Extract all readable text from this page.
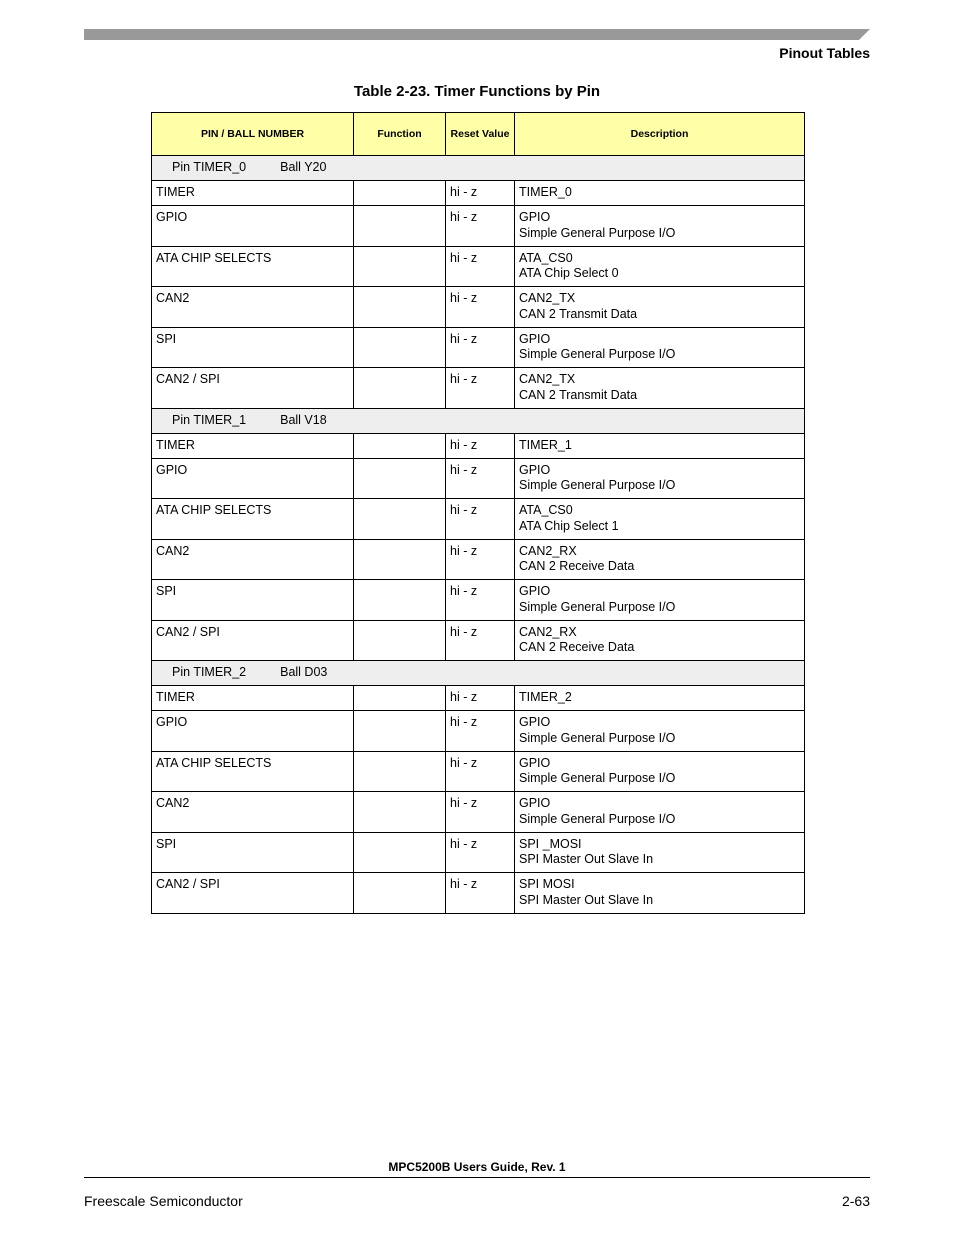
Pinout Tables
Table 2-23. Timer Functions by Pin
PIN / BALL NUMBER	Function	Reset Value	Description
Pin TIMER_0 Ball Y20			
TIMER		hi - z	TIMER_0

GPIO		hi - z	GPIO
Simple General Purpose I/O

ATA CHIP SELECTS		hi - z	ATA_CS0
ATA Chip Select 0

CAN2		hi - z	CAN2_TX
CAN 2 Transmit Data

SPI		hi - z	GPIO
Simple General Purpose I/O

CAN2 / SPI		hi - z	CAN2_TX
CAN 2 Transmit Data

Pin TIMER_1 Ball V18			
TIMER		hi - z	TIMER_1

GPIO		hi - z	GPIO
Simple General Purpose I/O

ATA CHIP SELECTS		hi - z	ATA_CS0
ATA Chip Select 1

CAN2		hi - z	CAN2_RX
CAN 2 Receive Data

SPI		hi - z	GPIO
Simple General Purpose I/O

CAN2 / SPI		hi - z	CAN2_RX
CAN 2 Receive Data

Pin TIMER_2 Ball D03			
TIMER		hi - z	TIMER_2

GPIO		hi - z	GPIO
Simple General Purpose I/O

ATA CHIP SELECTS		hi - z	GPIO
Simple General Purpose I/O

CAN2		hi - z	GPIO
Simple General Purpose I/O

SPI		hi - z	SPI _MOSI
SPI Master Out Slave In

CAN2 / SPI		hi - z	SPI MOSI
SPI Master Out Slave In
MPC5200B Users Guide, Rev. 1
Freescale Semiconductor	2-63
